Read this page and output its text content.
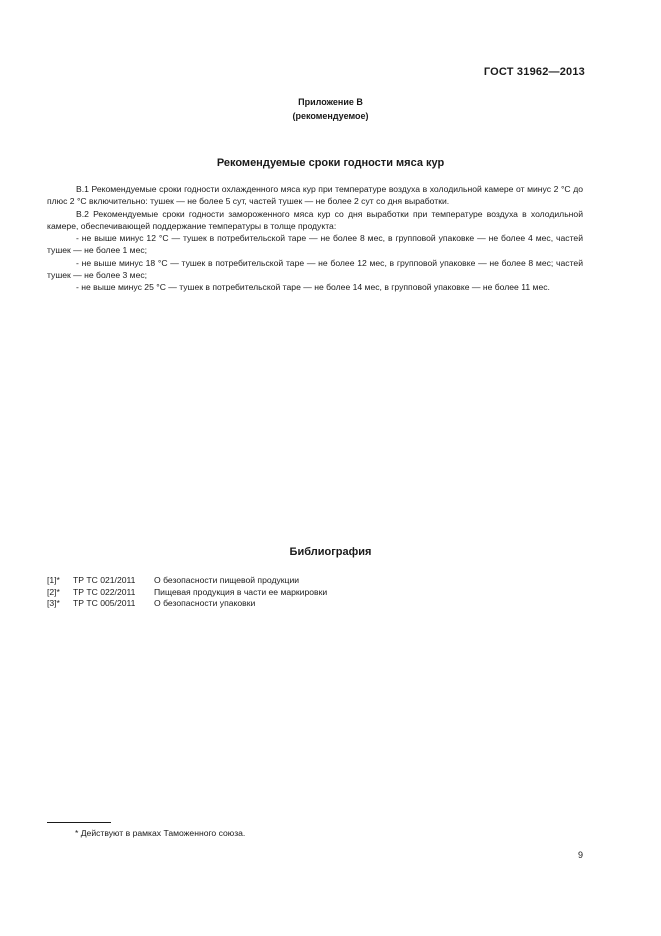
ГОСТ 31962—2013
Приложение В
(рекомендуемое)
Рекомендуемые сроки годности мяса кур

В.1 Рекомендуемые сроки годности охлажденного мяса кур при температуре воздуха в холодильной камере от минус 2 °С до плюс 2 °С включительно: тушек — не более 5 сут, частей тушек — не более 2 сут со дня выработки.

В.2 Рекомендуемые сроки годности замороженного мяса кур со дня выработки при температуре воздуха в холодильной камере, обеспечивающей поддержание температуры в толще продукта:

- не выше минус 12 °С — тушек в потребительской таре — не более 8 мес, в групповой упаковке — не более 4 мес, частей тушек — не более 1 мес;

- не выше минус 18 °С — тушек в потребительской таре — не более 12 мес, в групповой упаковке — не более 8 мес; частей тушек — не более 3 мес;

- не выше минус 25 °С — тушек в потребительской таре — не более 14 мес, в групповой упаковке — не более 11 мес.

Библиография
[1]*	ТР ТС 021/2011	О безопасности пищевой продукции
[2]*	ТР ТС 022/2011	Пищевая продукция в части ее маркировки
[3]*	ТР ТС 005/2011	О безопасности упаковки
* Действуют в рамках Таможенного союза.
9
